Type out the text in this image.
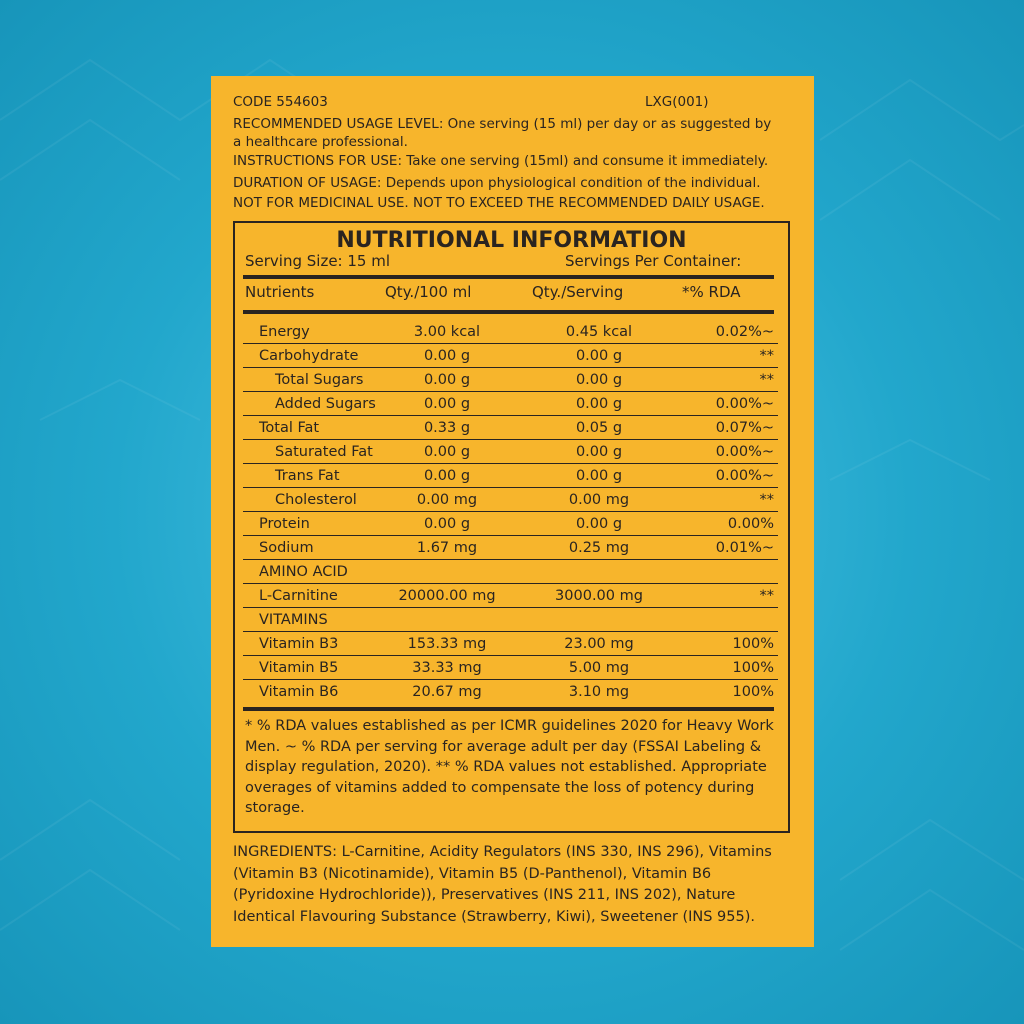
CODE 554603	LXG(001)
RECOMMENDED USAGE LEVEL: One serving (15 ml) per day or as suggested by
a healthcare professional.
INSTRUCTIONS FOR USE: Take one serving (15ml) and consume it immediately.
DURATION OF USAGE: Depends upon physiological condition of the individual.
NOT FOR MEDICINAL USE. NOT TO EXCEED THE RECOMMENDED DAILY USAGE.
NUTRITIONAL INFORMATION
Serving Size: 15 ml	Servings Per Container:
Nutrients	Qty./100 ml	Qty./Serving	*% RDA
Energy	3.00 kcal	0.45 kcal	0.02%~
Carbohydrate	0.00 g	0.00 g	**
Total Sugars	0.00 g	0.00 g	**
Added Sugars	0.00 g	0.00 g	0.00%~
Total Fat	0.33 g	0.05 g	0.07%~
Saturated Fat	0.00 g	0.00 g	0.00%~
Trans Fat	0.00 g	0.00 g	0.00%~
Cholesterol	0.00 mg	0.00 mg	**
Protein	0.00 g	0.00 g	0.00%
Sodium	1.67 mg	0.25 mg	0.01%~
AMINO ACID
L-Carnitine	20000.00 mg	3000.00 mg	**
VITAMINS
Vitamin B3	153.33 mg	23.00 mg	100%
Vitamin B5	33.33 mg	5.00 mg	100%
Vitamin B6	20.67 mg	3.10 mg	100%
* % RDA values established as per ICMR guidelines 2020 for Heavy Work Men. ~ % RDA per serving for average adult per day (FSSAI Labeling & display regulation, 2020). ** % RDA values not established. Appropriate overages of vitamins added to compensate the loss of potency during storage.
INGREDIENTS: L-Carnitine, Acidity Regulators (INS 330, INS 296), Vitamins (Vitamin B3 (Nicotinamide), Vitamin B5 (D-Panthenol), Vitamin B6 (Pyridoxine Hydrochloride)), Preservatives (INS 211, INS 202), Nature Identical Flavouring Substance (Strawberry, Kiwi), Sweetener (INS 955).
